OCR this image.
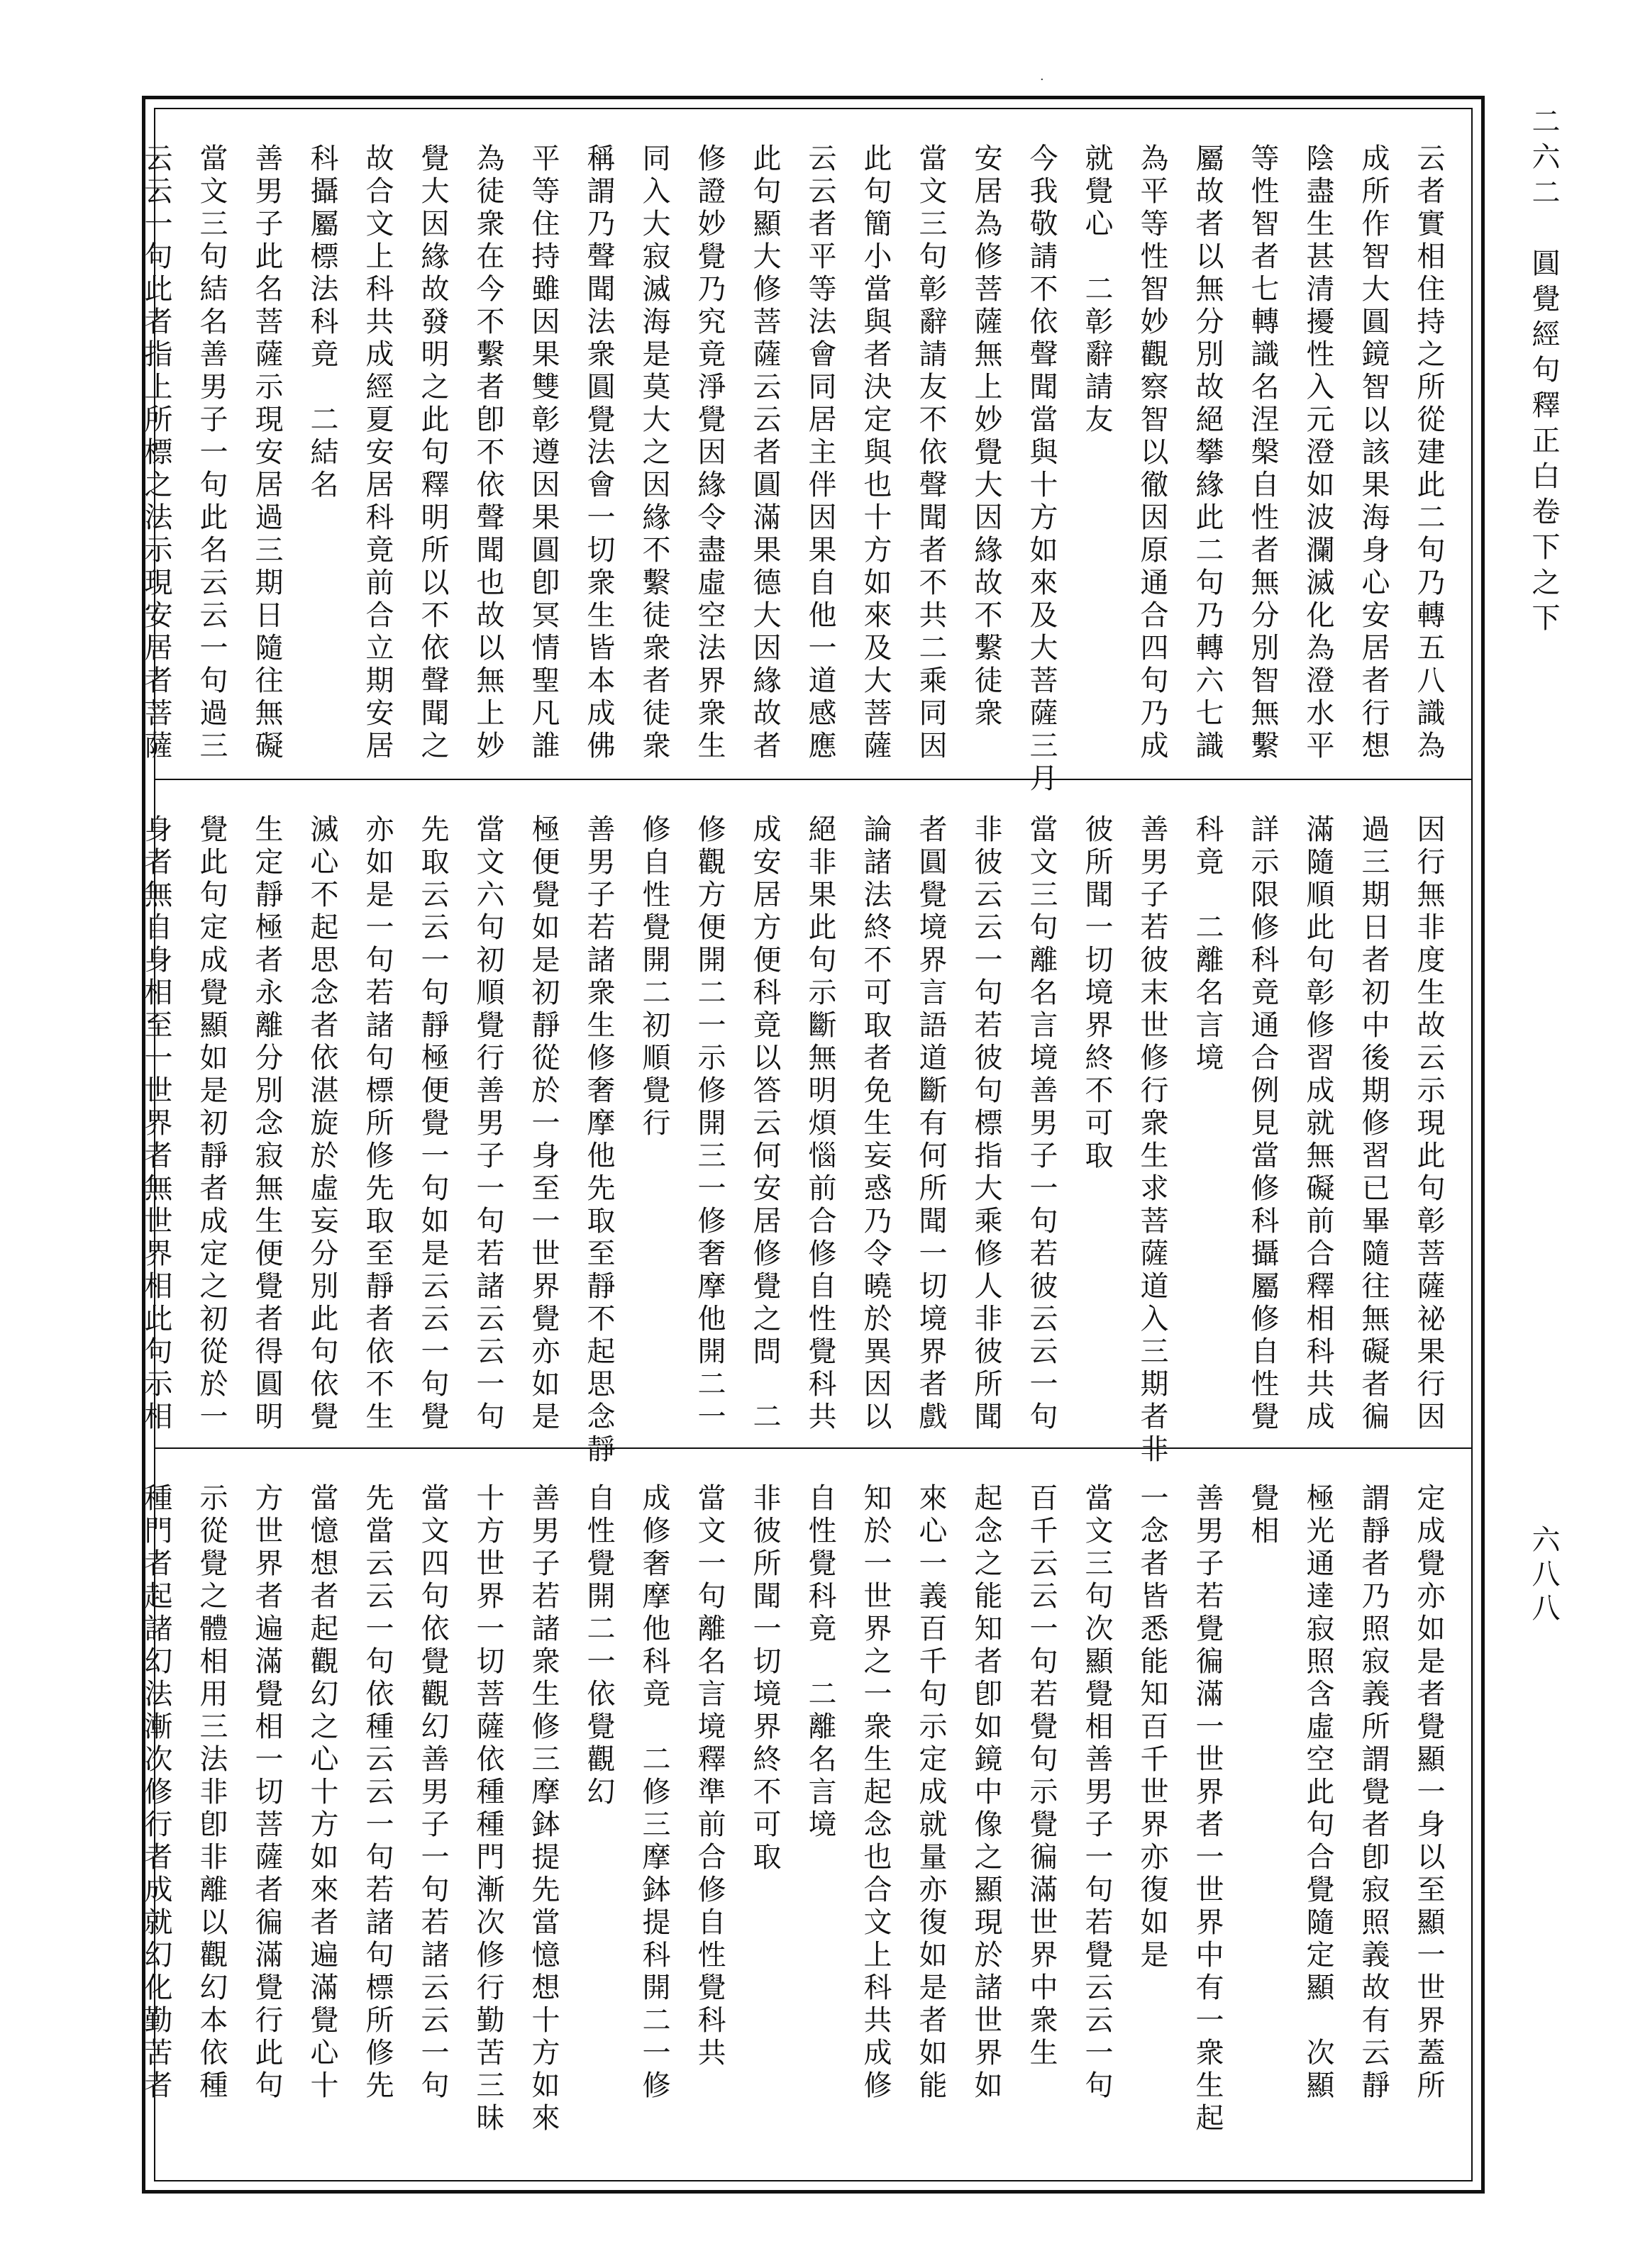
云者實相住持之所從建此二句乃轉五八識為
成所作智大圓鏡智以該果海身心安居者行想
陰盡生甚清擾性入元澄如波瀾滅化為澄水平
等性智者七轉識名涅槃自性者無分別智無繫
屬故者以無分別故絕攀緣此二句乃轉六七識
為平等性智妙觀察智以徹因原通合四句乃成
就覺心　二彰辭請友
今我敬請不依聲聞當與十方如來及大菩薩三月
安居為修菩薩無上妙覺大因緣故不繫徒衆
當文三句彰辭請友不依聲聞者不共二乘同因
此句簡小當與者決定與也十方如來及大菩薩
云云者平等法會同居主伴因果自他一道感應
此句顯大修菩薩云云者圓滿果德大因緣故者
修證妙覺乃究竟淨覺因緣令盡虛空法界衆生
同入大寂滅海是莫大之因緣不繫徒衆者徒衆
稱謂乃聲聞法衆圓覺法會一切衆生皆本成佛
平等住持雖因果雙彰遵因果圓卽冥情聖凡誰
為徒衆在今不繫者卽不依聲聞也故以無上妙
覺大因緣故發明之此句釋明所以不依聲聞之
故合文上科共成經夏安居科竟前合立期安居
科攝屬標法科竟　二結名
善男子此名菩薩示現安居過三期日隨往無礙
當文三句結名善男子一句此名云云一句過三
云云一句此者指上所標之法示現安居者菩薩
因行無非度生故云示現此句彰菩薩祕果行因
過三期日者初中後期修習已畢隨往無礙者徧
滿隨順此句彰修習成就無礙前合釋相科共成
詳示限修科竟通合例見當修科攝屬修自性覺
科竟　二離名言境
善男子若彼末世修行衆生求菩薩道入三期者非
彼所聞一切境界終不可取
當文三句離名言境善男子一句若彼云云一句
非彼云云一句若彼句標指大乘修人非彼所聞
者圓覺境界言語道斷有何所聞一切境界者戲
論諸法終不可取者免生妄惑乃令曉於異因以
絕非果此句示斷無明煩惱前合修自性覺科共
成安居方便科竟以答云何安居修覺之問　二
修觀方便開二一示修開三一修奢摩他開二一
修自性覺開二初順覺行
善男子若諸衆生修奢摩他先取至靜不起思念靜
極便覺如是初靜從於一身至一世界覺亦如是
當文六句初順覺行善男子一句若諸云云一句
先取云云一句靜極便覺一句如是云云一句覺
亦如是一句若諸句標所修先取至靜者依不生
滅心不起思念者依湛旋於虛妄分別此句依覺
生定靜極者永離分別念寂無生便覺者得圓明
覺此句定成覺顯如是初靜者成定之初從於一
身者無自身相至一世界者無世界相此句示相
定成覺亦如是者覺顯一身以至顯一世界蓋所
謂靜者乃照寂義所謂覺者卽寂照義故有云靜
極光通達寂照含虛空此句合覺隨定顯　次顯
覺相
善男子若覺徧滿一世界者一世界中有一衆生起
一念者皆悉能知百千世界亦復如是
當文三句次顯覺相善男子一句若覺云云一句
百千云云一句若覺句示覺徧滿世界中衆生
起念之能知者卽如鏡中像之顯現於諸世界如
來心一義百千句示定成就量亦復如是者如能
知於一世界之一衆生起念也合文上科共成修
自性覺科竟　二離名言境
非彼所聞一切境界終不可取
當文一句離名言境釋準前合修自性覺科共
成修奢摩他科竟　二修三摩鉢提科開二一修
自性覺開二一依覺觀幻
善男子若諸衆生修三摩鉢提先當憶想十方如來
十方世界一切菩薩依種種門漸次修行勤苦三昧
當文四句依覺觀幻善男子一句若諸云云一句
先當云云一句依種云云一句若諸句標所修先
當憶想者起觀幻之心十方如來者遍滿覺心十
方世界者遍滿覺相一切菩薩者徧滿覺行此句
示從覺之體相用三法非卽非離以觀幻本依種
種門者起諸幻法漸次修行者成就幻化勤苦者
二六二　圓覺經句釋正白卷下之下
六八八
·
